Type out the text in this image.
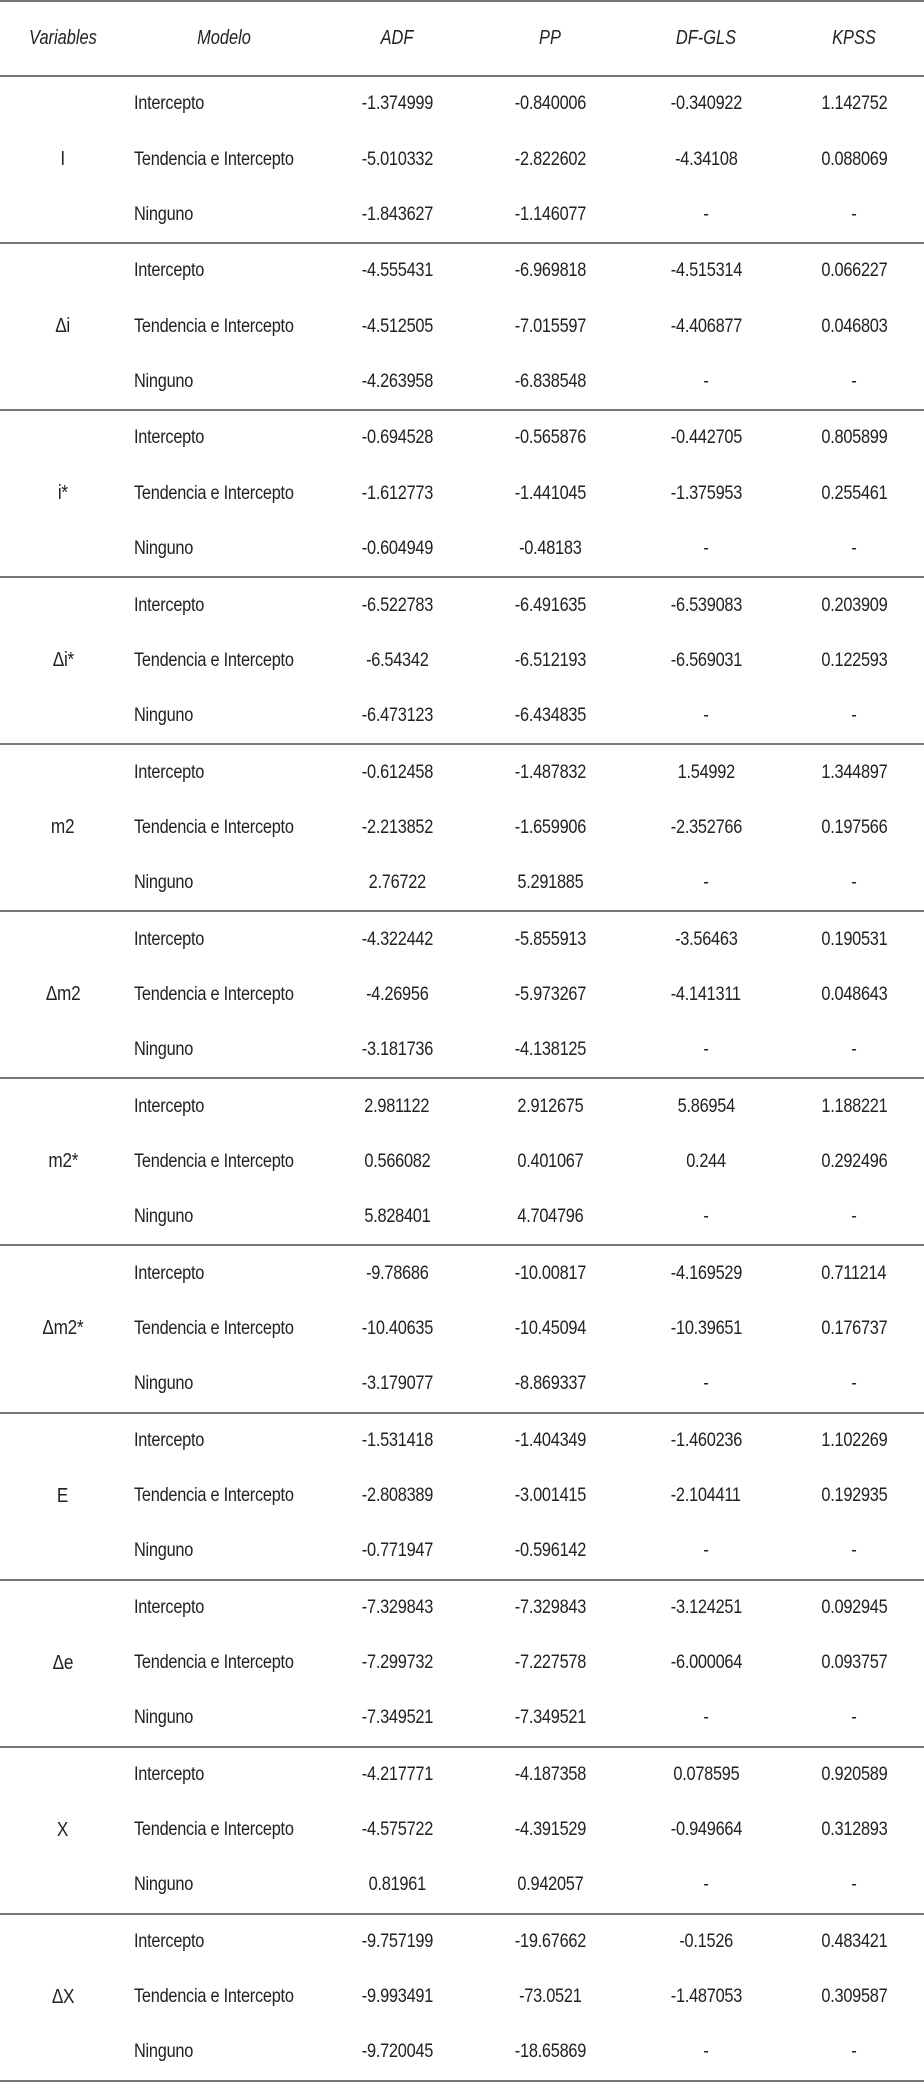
Variables	Modelo	ADF	PP	DF-GLS	KPSS
I	Intercepto	-1.374999	-0.840006	-0.340922	1.142752
	Tendencia e Intercepto	-5.010332	-2.822602	-4.34108	0.088069
	Ninguno	-1.843627	-1.146077	-	-
Δi	Intercepto	-4.555431	-6.969818	-4.515314	0.066227
	Tendencia e Intercepto	-4.512505	-7.015597	-4.406877	0.046803
	Ninguno	-4.263958	-6.838548	-	-
i*	Intercepto	-0.694528	-0.565876	-0.442705	0.805899
	Tendencia e Intercepto	-1.612773	-1.441045	-1.375953	0.255461
	Ninguno	-0.604949	-0.48183	-	-
Δi*	Intercepto	-6.522783	-6.491635	-6.539083	0.203909
	Tendencia e Intercepto	-6.54342	-6.512193	-6.569031	0.122593
	Ninguno	-6.473123	-6.434835	-	-
m2	Intercepto	-0.612458	-1.487832	1.54992	1.344897
	Tendencia e Intercepto	-2.213852	-1.659906	-2.352766	0.197566
	Ninguno	2.76722	5.291885	-	-
Δm2	Intercepto	-4.322442	-5.855913	-3.56463	0.190531
	Tendencia e Intercepto	-4.26956	-5.973267	-4.141311	0.048643
	Ninguno	-3.181736	-4.138125	-	-
m2*	Intercepto	2.981122	2.912675	5.86954	1.188221
	Tendencia e Intercepto	0.566082	0.401067	0.244	0.292496
	Ninguno	5.828401	4.704796	-	-
Δm2*	Intercepto	-9.78686	-10.00817	-4.169529	0.711214
	Tendencia e Intercepto	-10.40635	-10.45094	-10.39651	0.176737
	Ninguno	-3.179077	-8.869337	-	-
E	Intercepto	-1.531418	-1.404349	-1.460236	1.102269
	Tendencia e Intercepto	-2.808389	-3.001415	-2.104411	0.192935
	Ninguno	-0.771947	-0.596142	-	-
Δe	Intercepto	-7.329843	-7.329843	-3.124251	0.092945
	Tendencia e Intercepto	-7.299732	-7.227578	-6.000064	0.093757
	Ninguno	-7.349521	-7.349521	-	-
X	Intercepto	-4.217771	-4.187358	0.078595	0.920589
	Tendencia e Intercepto	-4.575722	-4.391529	-0.949664	0.312893
	Ninguno	0.81961	0.942057	-	-
ΔX	Intercepto	-9.757199	-19.67662	-0.1526	0.483421
	Tendencia e Intercepto	-9.993491	-73.0521	-1.487053	0.309587
	Ninguno	-9.720045	-18.65869	-	-
